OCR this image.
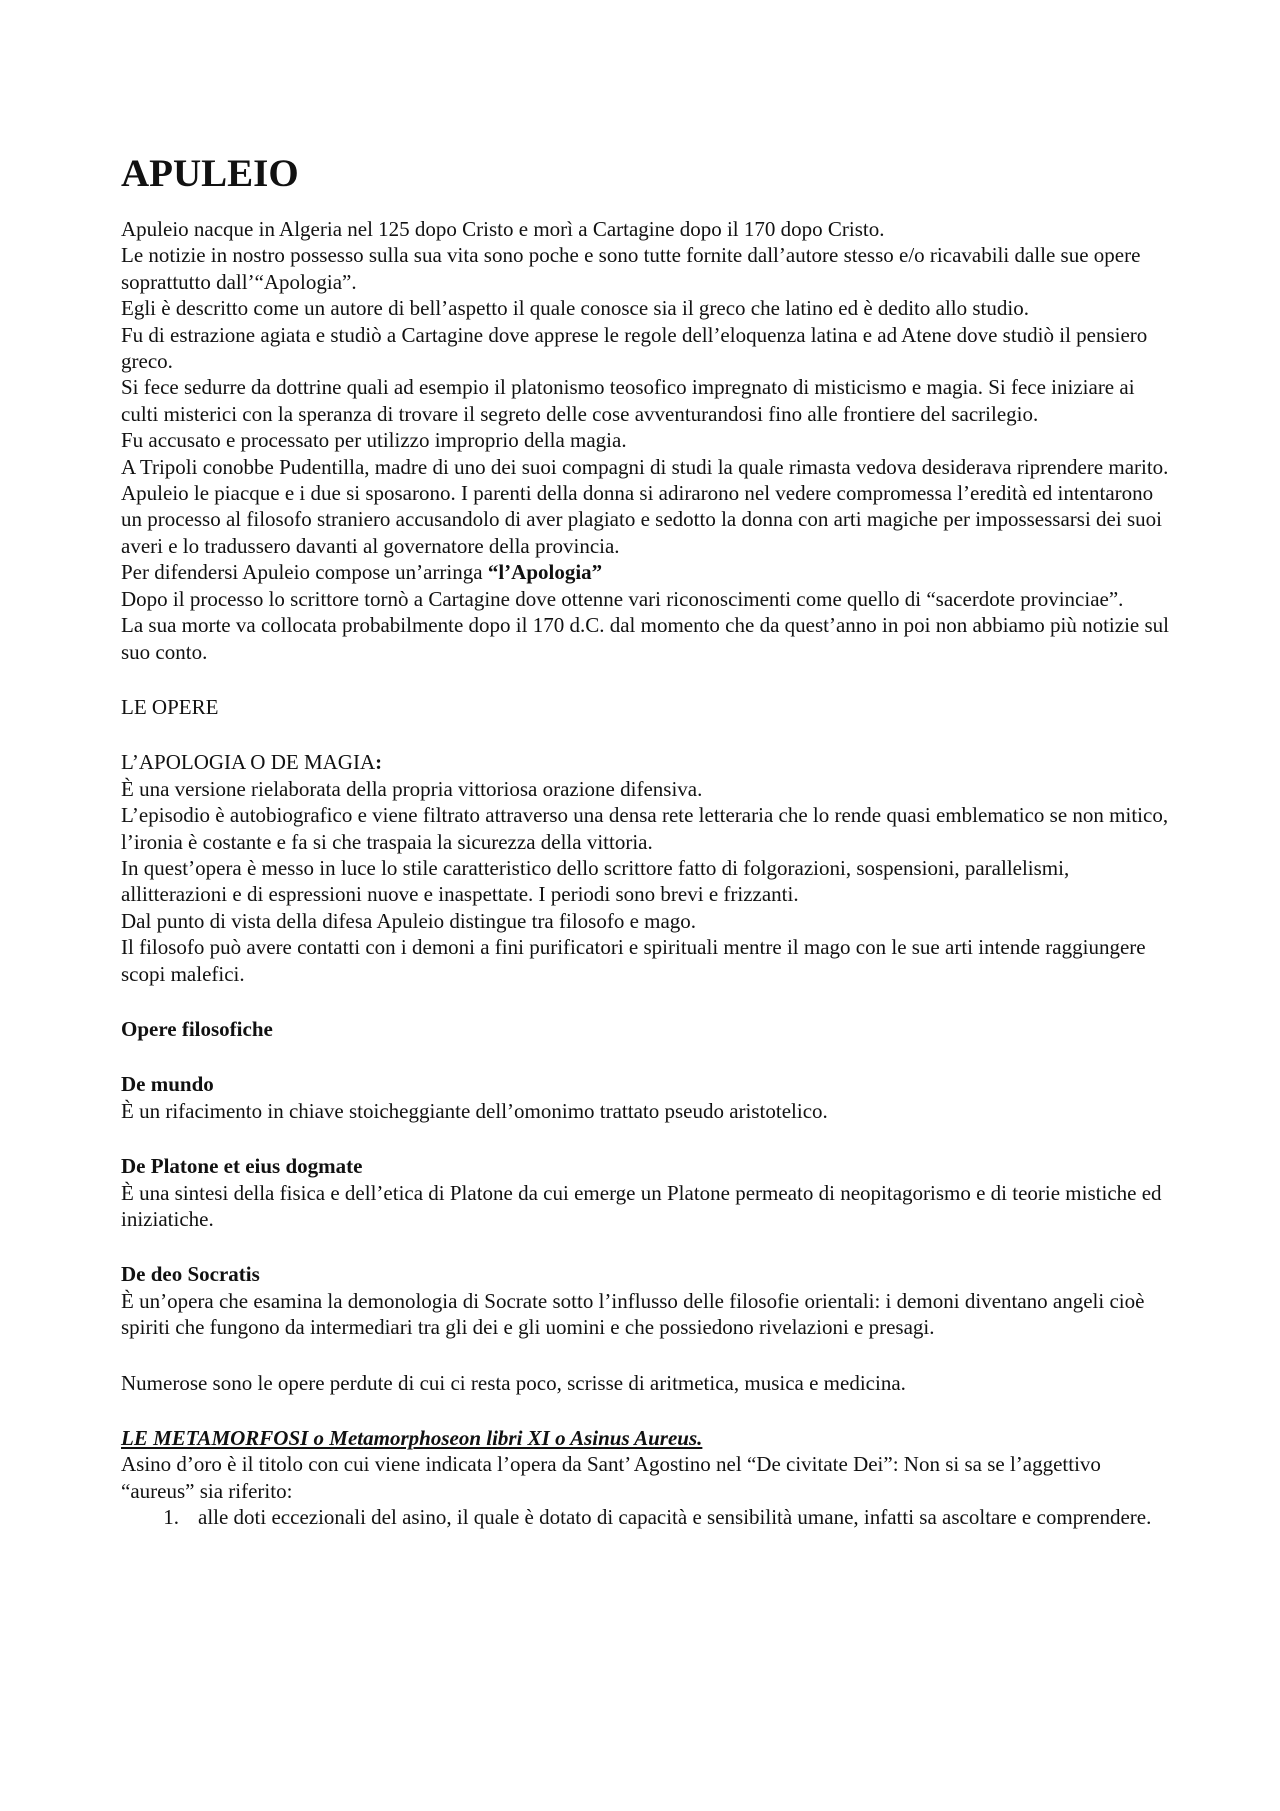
APULEIO

Apuleio nacque in Algeria nel 125 dopo Cristo e morì a Cartagine dopo il 170 dopo Cristo.

Le notizie in nostro possesso sulla sua vita sono poche e sono tutte fornite dall’autore stesso e/o ricavabili dalle sue opere soprattutto dall’“Apologia”.

Egli è descritto come un autore di bell’aspetto il quale conosce sia il greco che latino ed è dedito allo studio.

Fu di estrazione agiata e studiò a Cartagine dove apprese le regole dell’eloquenza latina e ad Atene dove studiò il pensiero greco.

Si fece sedurre da dottrine quali ad esempio il platonismo teosofico impregnato di misticismo e magia. Si fece iniziare ai culti misterici con la speranza di trovare il segreto delle cose avventurandosi fino alle frontiere del sacrilegio.

Fu accusato e processato per utilizzo improprio della magia.

A Tripoli conobbe Pudentilla, madre di uno dei suoi compagni di studi la quale rimasta vedova desiderava riprendere marito. Apuleio le piacque e i due si sposarono. I parenti della donna si adirarono nel vedere compromessa l’eredità ed intentarono un processo al filosofo straniero accusandolo di aver plagiato e sedotto la donna con arti magiche per impossessarsi dei suoi averi e lo tradussero davanti al governatore della provincia.

Per difendersi Apuleio compose un’arringa “l’Apologia”

Dopo il processo lo scrittore tornò a Cartagine dove ottenne vari riconoscimenti come quello di “sacerdote provinciae”.

La sua morte va collocata probabilmente dopo il 170 d.C. dal momento che da quest’anno in poi non abbiamo più notizie sul suo conto.

LE OPERE

L’APOLOGIA O DE MAGIA:

È una versione rielaborata della propria vittoriosa orazione difensiva.

L’episodio è autobiografico e viene filtrato attraverso una densa rete letteraria che lo rende quasi emblematico se non mitico, l’ironia è costante e fa si che traspaia la sicurezza della vittoria.

In quest’opera è messo in luce lo stile caratteristico dello scrittore fatto di folgorazioni, sospensioni, parallelismi, allitterazioni e di espressioni nuove e inaspettate. I periodi sono brevi e frizzanti.

Dal punto di vista della difesa Apuleio distingue tra filosofo e mago.

Il filosofo può avere contatti con i demoni a fini purificatori e spirituali mentre il mago con le sue arti intende raggiungere scopi malefici.

Opere filosofiche

De mundo

È un rifacimento in chiave stoicheggiante dell’omonimo trattato pseudo aristotelico.

De Platone et eius dogmate

È una sintesi della fisica e dell’etica di Platone da cui emerge un Platone permeato di neopitagorismo e di teorie mistiche ed iniziatiche.

De deo Socratis

È un’opera che esamina la demonologia di Socrate sotto l’influsso delle filosofie orientali: i demoni diventano angeli cioè spiriti che fungono da intermediari tra gli dei e gli uomini e che possiedono rivelazioni e presagi.

Numerose sono le opere perdute di cui ci resta poco, scrisse di aritmetica, musica e medicina.

LE METAMORFOSI o Metamorphoseon libri XI o Asinus Aureus.

Asino d’oro è il titolo con cui viene indicata l’opera da Sant’ Agostino nel “De civitate Dei”: Non si sa se l’aggettivo “aureus” sia riferito:

1. alle doti eccezionali del asino, il quale è dotato di capacità e sensibilità umane, infatti sa ascoltare e comprendere.
